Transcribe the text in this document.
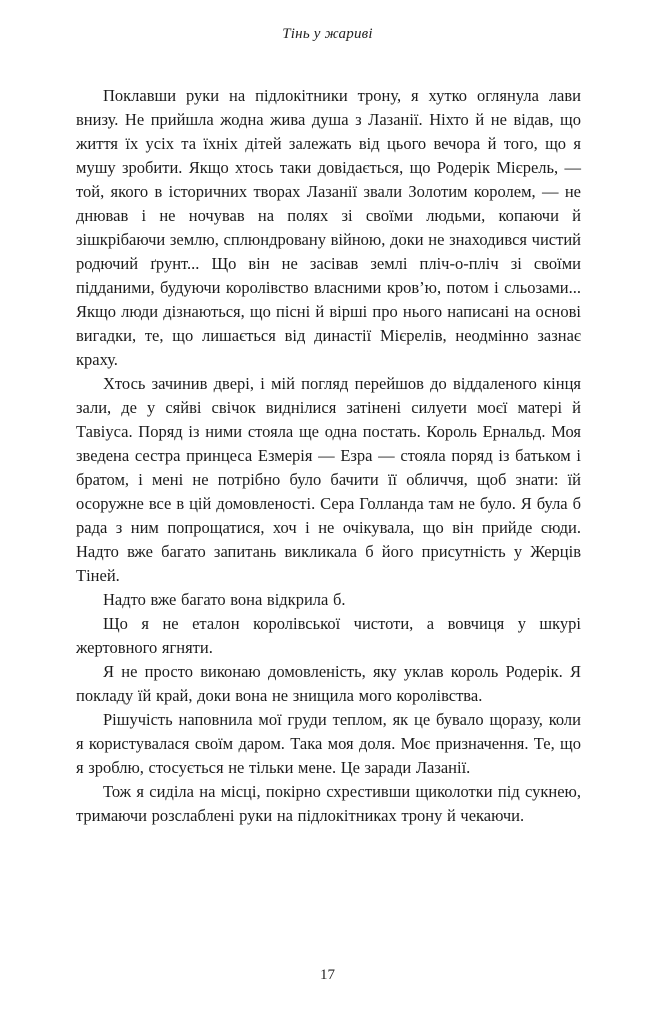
Тінь у жариві

Поклавши руки на підлокітники трону, я хутко оглянула лави внизу. Не прийшла жодна жива душа з Лазанії. Ніхто й не відав, що життя їх усіх та їхніх дітей залежать від цього вечора й того, що я мушу зробити. Якщо хтось таки довідається, що Родерік Мієрель, — той, якого в історичних творах Лазанії звали Золотим королем, — не днював і не ночував на полях зі своїми людьми, копаючи й зішкрібаючи землю, сплюндровану війною, доки не знаходився чистий родючий ґрунт... Що він не засівав землі пліч-о-пліч зі своїми підданими, будуючи королівство власними кров’ю, потом і сльозами... Якщо люди дізнаються, що пісні й вірші про нього написані на основі вигадки, те, що лишається від династії Мієрелів, неодмінно зазнає краху.

Хтось зачинив двері, і мій погляд перейшов до віддаленого кінця зали, де у сяйві свічок виднілися затінені силуети моєї матері й Тавіуса. Поряд із ними стояла ще одна постать. Король Ернальд. Моя зведена сестра принцеса Езмерія — Езра — стояла поряд із батьком і братом, і мені не потрібно було бачити її обличчя, щоб знати: їй осоружне все в цій домовленості. Сера Голланда там не було. Я була б рада з ним попрощатися, хоч і не очікувала, що він прийде сюди. Надто вже багато запитань викликала б його присутність у Жерців Тіней.

Надто вже багато вона відкрила б.

Що я не еталон королівської чистоти, а вовчиця у шкурі жертовного ягняти.

Я не просто виконаю домовленість, яку уклав король Родерік. Я покладу їй край, доки вона не знищила мого королівства.

Рішучість наповнила мої груди теплом, як це бувало щоразу, коли я користувалася своїм даром. Така моя доля. Моє призначення. Те, що я зроблю, стосується не тільки мене. Це заради Лазанії.

Тож я сиділа на місці, покірно схрестивши щиколотки під сукнею, тримаючи розслаблені руки на підлокітниках трону й чекаючи.

17
